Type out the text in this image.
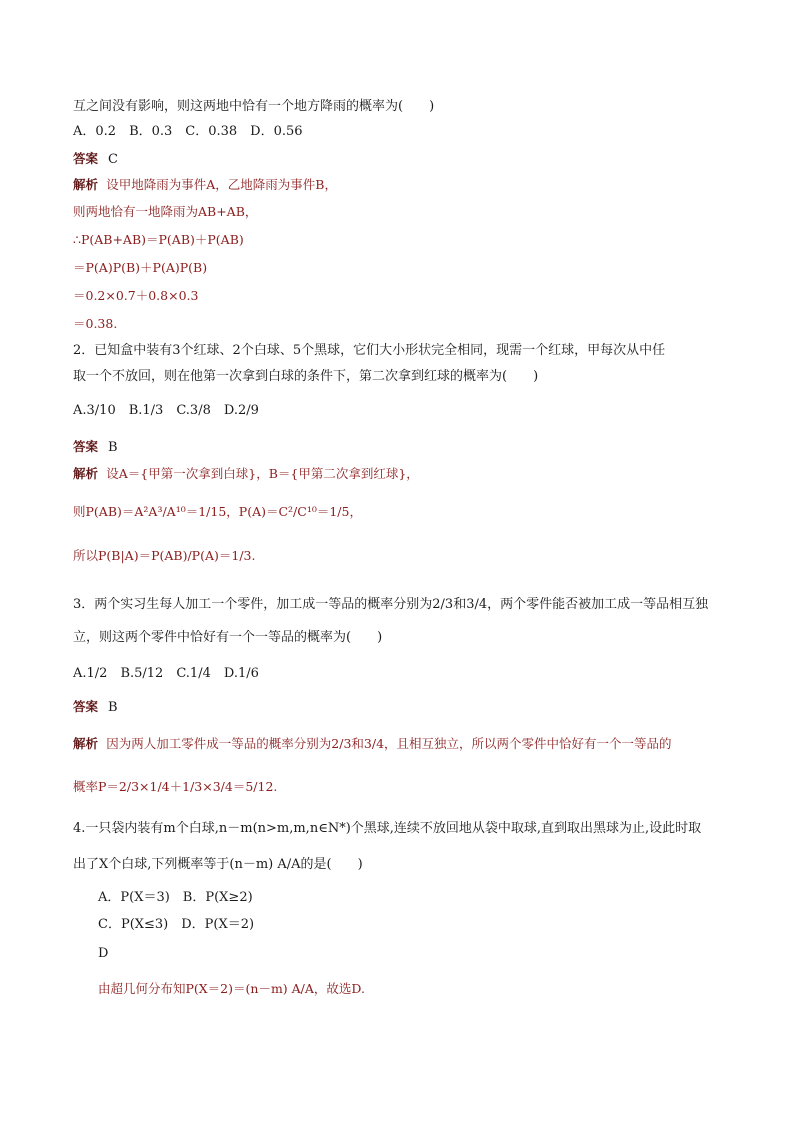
互之间没有影响，则这两地中恰有一个地方降雨的概率为(　　)
A．0.2　B．0.3　C．0.38　D．0.56
答案 C
解析 设甲地降雨为事件A，乙地降雨为事件B，
则两地恰有一地降雨为AB+AB，
∴P(AB+AB)＝P(AB)＋P(AB)
＝P(A)P(B)＋P(A)P(B)
＝0.2×0.7＋0.8×0.3
＝0.38.
2．已知盒中装有3个红球、2个白球、5个黑球，它们大小形状完全相同，现需一个红球，甲每次从中任
取一个不放回，则在他第一次拿到白球的条件下，第二次拿到红球的概率为(　　)
A.3/10　B.1/3　C.3/8　D.2/9
答案 B
解析 设A＝{甲第一次拿到白球}，B＝{甲第二次拿到红球}，
则P(AB)＝A²A³/A¹⁰＝1/15，P(A)＝C²/C¹⁰＝1/5，
所以P(B|A)＝P(AB)/P(A)＝1/3.
3．两个实习生每人加工一个零件，加工成一等品的概率分别为2/3和3/4，两个零件能否被加工成一等品相互独
立，则这两个零件中恰好有一个一等品的概率为(　　)
A.1/2　B.5/12　C.1/4　D.1/6
答案 B
解析 因为两人加工零件成一等品的概率分别为2/3和3/4，且相互独立，所以两个零件中恰好有一个一等品的
概率P＝2/3×1/4＋1/3×3/4＝5/12.
4.一只袋内装有m个白球,n－m(n>m,m,n∈N*)个黑球,连续不放回地从袋中取球,直到取出黑球为止,设此时取
出了X个白球,下列概率等于(n－m) A/A的是(　　)
A．P(X＝3)　B．P(X≥2)
C．P(X≤3)　D．P(X＝2)
D
由超几何分布知P(X＝2)＝(n－m) A/A，故选D.
